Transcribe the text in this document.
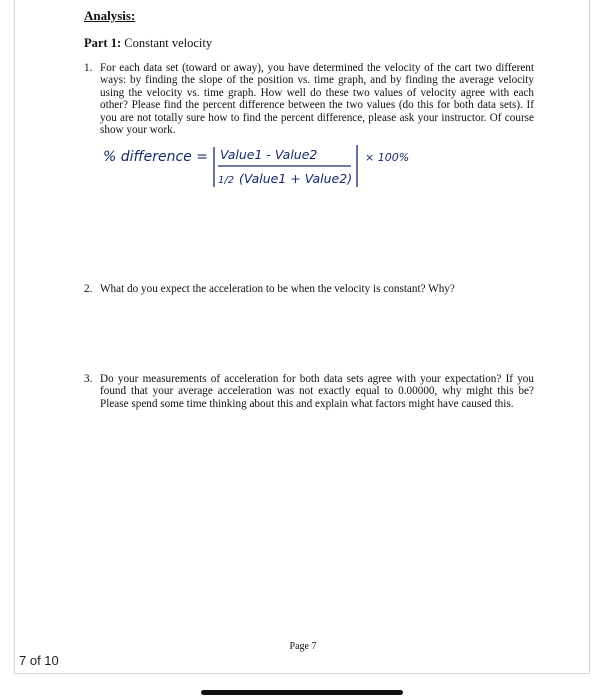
Analysis:
Part 1: Constant velocity
1. For each data set (toward or away), you have determined the velocity of the cart two different ways: by finding the slope of the position vs. time graph, and by finding the average velocity using the velocity vs. time graph. How well do these two values of velocity agree with each other? Please find the percent difference between the two values (do this for both data sets). If you are not totally sure how to find the percent difference, please ask your instructor. Of course show your work.
% difference = Value1 - Value2
1/2 (Value1 + Value2)
× 100%
2. What do you expect the acceleration to be when the velocity is constant? Why?
3. Do your measurements of acceleration for both data sets agree with your expectation? If you found that your average acceleration was not exactly equal to 0.00000, why might this be? Please spend some time thinking about this and explain what factors might have caused this.
Page 7
7 of 10
